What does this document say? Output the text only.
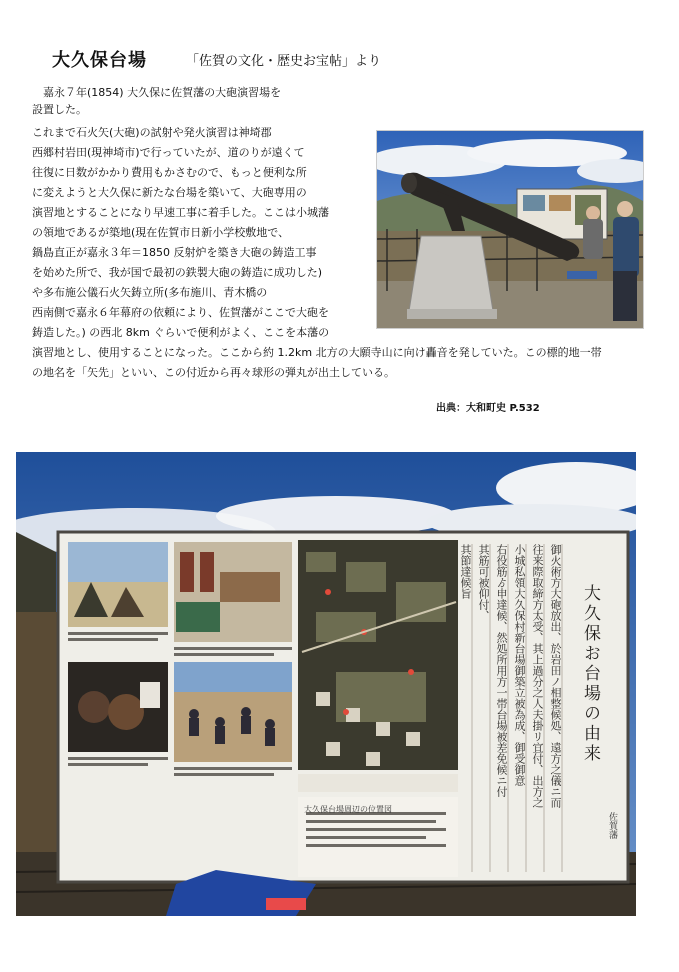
大久保台場	「佐賀の文化・歴史お宝帖」より
　嘉永７年(1854) 大久保に佐賀藩の大砲演習場を
設置した。
これまで石火矢(大砲)の試射や発火演習は神埼郡
西郷村岩田(現神埼市)で行っていたが、道のりが遠くて
往復に日数がかかり費用もかさむので、もっと便利な所
に変えようと大久保に新たな台場を築いて、大砲専用の
演習地とすることになり早速工事に着手した。ここは小城藩
の領地であるが築地(現在佐賀市日新小学校敷地で、
鍋島直正が嘉永３年＝1850 反射炉を築き大砲の鋳造工事
を始めた所で、我が国で最初の鉄製大砲の鋳造に成功した)
や多布施公儀石火矢鋳立所(多布施川、青木橋の
西南側で嘉永６年幕府の依頼により、佐賀藩がここで大砲を
鋳造した。) の西北 8km ぐらいで便利がよく、ここを本藩の
演習地とし、使用することになった。ここから約 1.2km 北方の大願寺山に向け轟音を発していた。この標的地一帯
の地名を「矢先」といい、この付近から再々球形の弾丸が出土している。
出典：大和町史 P.532
大久保お台場の由来
御火術方大砲放出、於岩田ノ相整候処、遠方之儀ニ而
往来際取締方太受、其上過分之人夫掛リ宜付、出方之
小城私領大久保村新台場御築立被為成、御受御意
右役筋ゟ申達候、然処所用方一帯台場被差免候ニ付
其筋可被仰付、
其節達候旨
大久保台場周辺の位置図
佐賀藩
